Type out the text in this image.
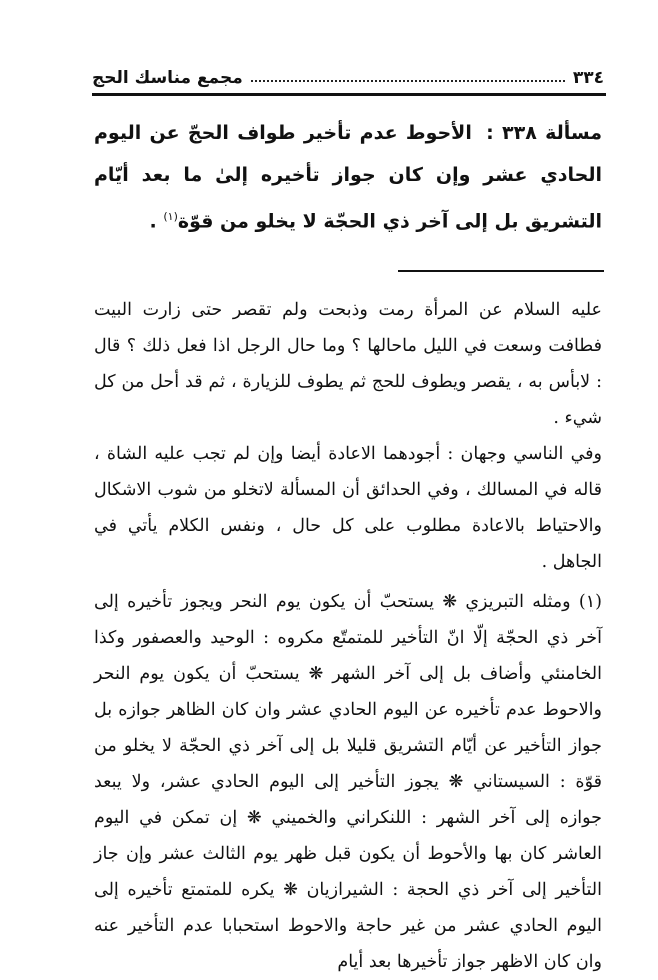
٣٣٤
مجمع مناسك الحج
مسألة ٣٣٨ : الأحوط عدم تأخير طواف الحجّ عن اليوم الحادي عشر وإن كان جواز تأخيره إلىٰ ما بعد أيّام التشريق بل إلى آخر ذي الحجّة لا يخلو من قوّة$^{(١)}$ .

عليه السلام عن المرأة رمت وذبحت ولم تقصر حتى زارت البيت فطافت وسعت في الليل ماحالها ؟ وما حال الرجل اذا فعل ذلك ؟ قال : لابأس به ، يقصر ويطوف للحج ثم يطوف للزيارة ، ثم قد أحل من كل شيء .

وفي الناسي وجهان : أجودهما الاعادة أيضا وإن لم تجب عليه الشاة ، قاله في المسالك ، وفي الحدائق أن المسألة لاتخلو من شوب الاشكال والاحتياط بالاعادة مطلوب على كل حال ، ونفس الكلام يأتي في الجاهل .

(١) ومثله التبريزي ❋ يستحبّ أن يكون يوم النحر ويجوز تأخيره إلى آخر ذي الحجّة إلّا انّ التأخير للمتمتّع مكروه : الوحيد والعصفور وكذا الخامنئي وأضاف بل إلى آخر الشهر ❋ يستحبّ أن يكون يوم النحر والاحوط عدم تأخيره عن اليوم الحادي عشر وان كان الظاهر جوازه بل جواز التأخير عن أيّام التشريق قليلا بل إلى آخر ذي الحجّة لا يخلو من قوّة : السيستاني ❋ يجوز التأخير إلى اليوم الحادي عشر، ولا يبعد جوازه إلى آخر الشهر : اللنكراني والخميني ❋ إن تمكن في اليوم العاشر كان بها والأحوط أن يكون قبل ظهر يوم الثالث عشر وإن جاز التأخير إلى آخر ذي الحجة : الشيرازيان ❋ يكره للمتمتع تأخيره إلى اليوم الحادي عشر من غير حاجة والاحوط استحبابا عدم التأخير عنه وان كان الاظهر جواز تأخيرها بعد أيام
